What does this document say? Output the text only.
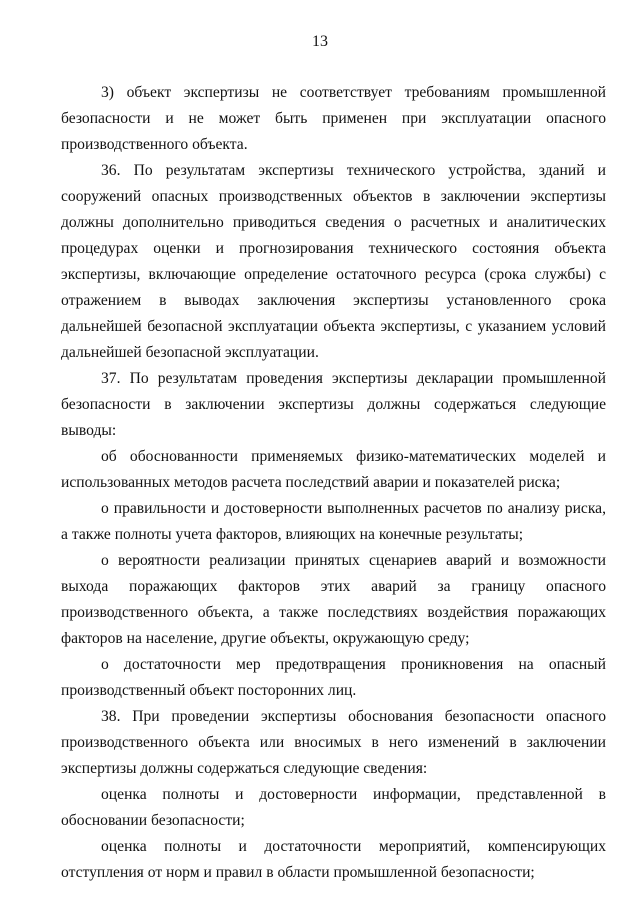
13

3) объект экспертизы не соответствует требованиям промышленной безопасности и не может быть применен при эксплуатации опасного производственного объекта.

36. По результатам экспертизы технического устройства, зданий и сооружений опасных производственных объектов в заключении экспертизы должны дополнительно приводиться сведения о расчетных и аналитических процедурах оценки и прогнозирования технического состояния объекта экспертизы, включающие определение остаточного ресурса (срока службы) с отражением в выводах заключения экспертизы установленного срока дальнейшей безопасной эксплуатации объекта экспертизы, с указанием условий дальнейшей безопасной эксплуатации.

37. По результатам проведения экспертизы декларации промышленной безопасности в заключении экспертизы должны содержаться следующие выводы:

об обоснованности применяемых физико-математических моделей и использованных методов расчета последствий аварии и показателей риска;

о правильности и достоверности выполненных расчетов по анализу риска, а также полноты учета факторов, влияющих на конечные результаты;

о вероятности реализации принятых сценариев аварий и возможности выхода поражающих факторов этих аварий за границу опасного производственного объекта, а также последствиях воздействия поражающих факторов на население, другие объекты, окружающую среду;

о достаточности мер предотвращения проникновения на опасный производственный объект посторонних лиц.

38. При проведении экспертизы обоснования безопасности опасного производственного объекта или вносимых в него изменений в заключении экспертизы должны содержаться следующие сведения:

оценка полноты и достоверности информации, представленной в обосновании безопасности;

оценка полноты и достаточности мероприятий, компенсирующих отступления от норм и правил в области промышленной безопасности;
